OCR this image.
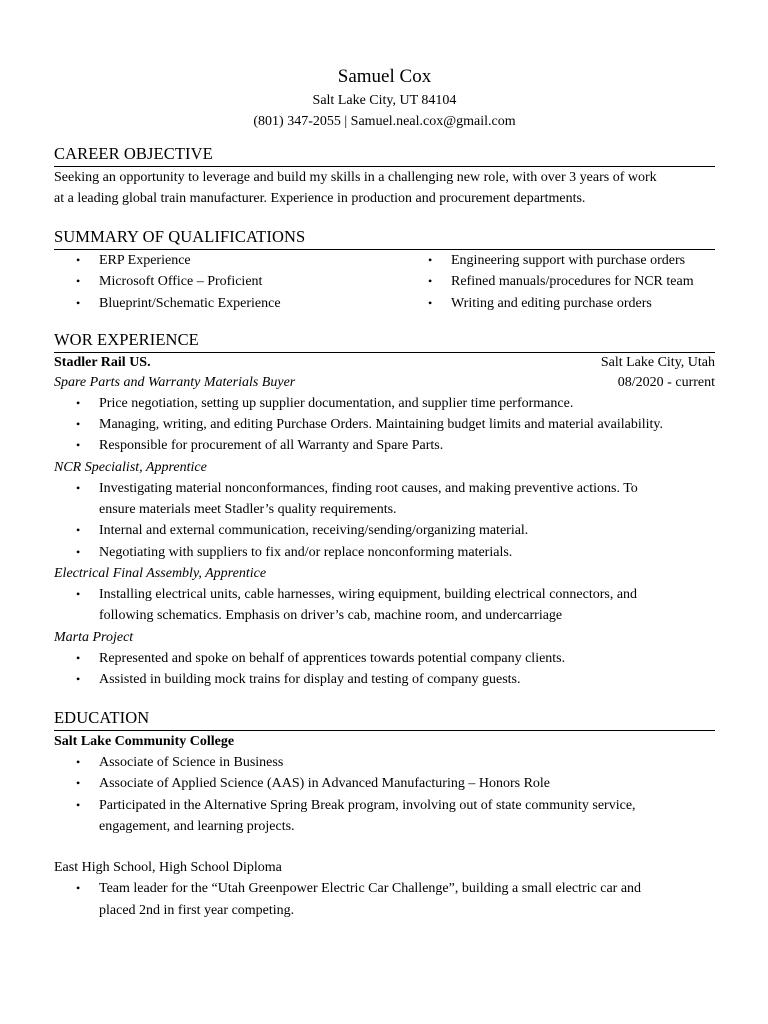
Samuel Cox
Salt Lake City, UT 84104
(801) 347-2055 | Samuel.neal.cox@gmail.com
CAREER OBJECTIVE
Seeking an opportunity to leverage and build my skills in a challenging new role, with over 3 years of work
at a leading global train manufacturer. Experience in production and procurement departments.
SUMMARY OF QUALIFICATIONS
• ERP Experience
• Microsoft Office – Proficient
• Blueprint/Schematic Experience
• Engineering support with purchase orders
• Refined manuals/procedures for NCR team
• Writing and editing purchase orders
WOR EXPERIENCE
Stadler Rail US.	Salt Lake City, Utah
Spare Parts and Warranty Materials Buyer	08/2020 - current
• Price negotiation, setting up supplier documentation, and supplier time performance.
• Managing, writing, and editing Purchase Orders. Maintaining budget limits and material availability.
• Responsible for procurement of all Warranty and Spare Parts.
NCR Specialist, Apprentice
• Investigating material nonconformances, finding root causes, and making preventive actions. To
ensure materials meet Stadler’s quality requirements.
• Internal and external communication, receiving/sending/organizing material.
• Negotiating with suppliers to fix and/or replace nonconforming materials.
Electrical Final Assembly, Apprentice
• Installing electrical units, cable harnesses, wiring equipment, building electrical connectors, and
following schematics. Emphasis on driver’s cab, machine room, and undercarriage
Marta Project
• Represented and spoke on behalf of apprentices towards potential company clients.
• Assisted in building mock trains for display and testing of company guests.
EDUCATION
Salt Lake Community College
• Associate of Science in Business
• Associate of Applied Science (AAS) in Advanced Manufacturing – Honors Role
• Participated in the Alternative Spring Break program, involving out of state community service,
engagement, and learning projects.
East High School, High School Diploma
• Team leader for the “Utah Greenpower Electric Car Challenge”, building a small electric car and
placed 2nd in first year competing.
